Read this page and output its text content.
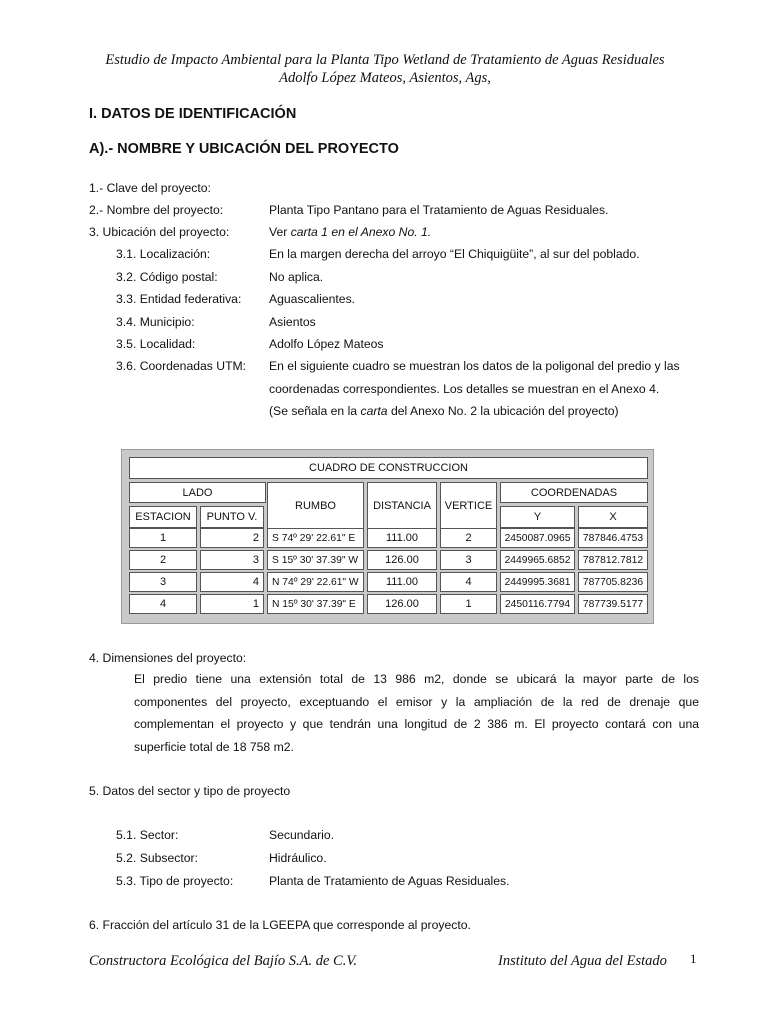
Estudio de Impacto Ambiental para la Planta Tipo Wetland de Tratamiento de Aguas Residuales
Adolfo López Mateos, Asientos, Ags,
I. DATOS DE IDENTIFICACIÓN
A).- NOMBRE Y UBICACIÓN DEL PROYECTO
1.- Clave del proyecto:
2.- Nombre del proyecto:	Planta Tipo Pantano para el Tratamiento de Aguas Residuales.
3. Ubicación del proyecto:	Ver carta 1 en el Anexo No. 1.
3.1. Localización:	En la margen derecha del arroyo “El Chiquigüite”, al sur del poblado.
3.2. Código postal:	No aplica.
3.3. Entidad federativa: Aguascalientes.
3.4. Municipio:	Asientos
3.5. Localidad:	Adolfo López Mateos
3.6. Coordenadas UTM: En el siguiente cuadro se muestran los datos de la poligonal del predio y las
coordenadas correspondientes. Los detalles se muestran en el Anexo 4.
(Se señala en la carta del Anexo No. 2 la ubicación del proyecto)
CUADRO DE CONSTRUCCION
LADO
RUMBO	DISTANCIA	VERTICE
COORDENADAS
ESTACION	PUNTO V.	Y	X
1	2	S 74º 29' 22.61" E	111.00	2	2450087.0965	787846.4753
2	3	S 15º 30' 37.39" W	126.00	3	2449965.6852	787812.7812
3	4	N 74º 29' 22.61" W	111.00	4	2449995.3681	787705.8236
4	1	N 15º 30' 37.39" E	126.00	1	2450116.7794	787739.5177
4. Dimensiones del proyecto:
El predio tiene una extensión total de 13 986 m2, donde se ubicará la mayor parte de los
componentes del proyecto, exceptuando el emisor y la ampliación de la red de drenaje que
complementan el proyecto y que tendrán una longitud de 2 386 m. El proyecto contará con una
superficie total de 18 758 m2.
5. Datos del sector y tipo de proyecto
5.1. Sector:	Secundario.
5.2. Subsector:	Hidráulico.
5.3. Tipo de proyecto:	Planta de Tratamiento de Aguas Residuales.
6. Fracción del artículo 31 de la LGEEPA que corresponde al proyecto.
Constructora Ecológica del Bajío S.A. de C.V.	Instituto del Agua del Estado 1
